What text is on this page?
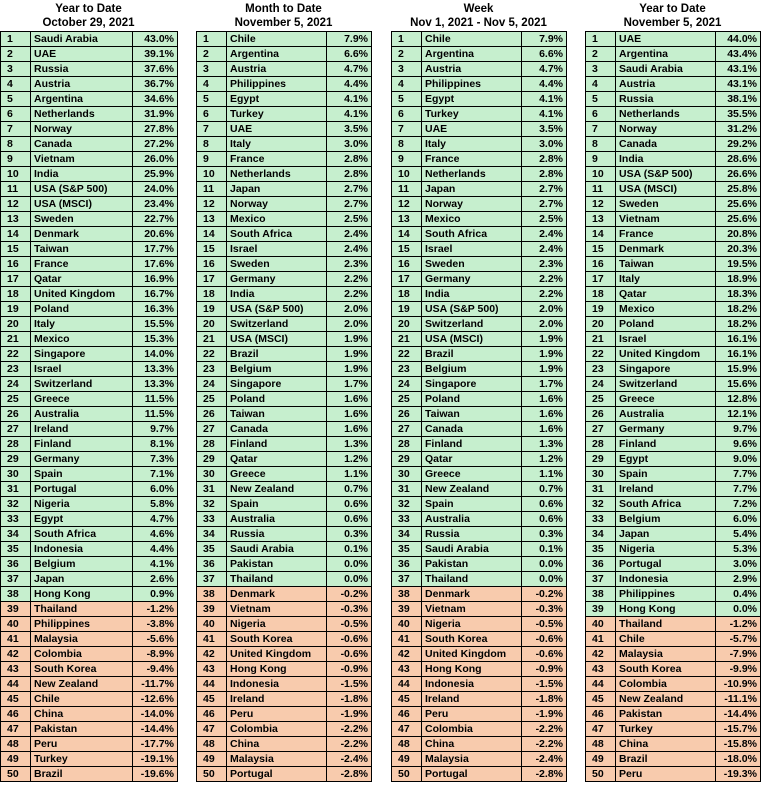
Year to Date
October 29, 2021
1	Saudi Arabia	43.0%
2	UAE	39.1%
3	Russia	37.6%
4	Austria	36.7%
5	Argentina	34.6%
6	Netherlands	31.9%
7	Norway	27.8%
8	Canada	27.2%
9	Vietnam	26.0%
10	India	25.9%
11	USA (S&P 500)	24.0%
12	USA (MSCI)	23.4%
13	Sweden	22.7%
14	Denmark	20.6%
15	Taiwan	17.7%
16	France	17.6%
17	Qatar	16.9%
18	United Kingdom	16.7%
19	Poland	16.3%
20	Italy	15.5%
21	Mexico	15.3%
22	Singapore	14.0%
23	Israel	13.3%
24	Switzerland	13.3%
25	Greece	11.5%
26	Australia	11.5%
27	Ireland	9.7%
28	Finland	8.1%
29	Germany	7.3%
30	Spain	7.1%
31	Portugal	6.0%
32	Nigeria	5.8%
33	Egypt	4.7%
34	South Africa	4.6%
35	Indonesia	4.4%
36	Belgium	4.1%
37	Japan	2.6%
38	Hong Kong	0.9%
39	Thailand	-1.2%
40	Philippines	-3.8%
41	Malaysia	-5.6%
42	Colombia	-8.9%
43	South Korea	-9.4%
44	New Zealand	-11.7%
45	Chile	-12.6%
46	China	-14.0%
47	Pakistan	-14.4%
48	Peru	-17.7%
49	Turkey	-19.1%
50	Brazil	-19.6%
Month to Date
November 5, 2021
1	Chile	7.9%
2	Argentina	6.6%
3	Austria	4.7%
4	Philippines	4.4%
5	Egypt	4.1%
6	Turkey	4.1%
7	UAE	3.5%
8	Italy	3.0%
9	France	2.8%
10	Netherlands	2.8%
11	Japan	2.7%
12	Norway	2.7%
13	Mexico	2.5%
14	South Africa	2.4%
15	Israel	2.4%
16	Sweden	2.3%
17	Germany	2.2%
18	India	2.2%
19	USA (S&P 500)	2.0%
20	Switzerland	2.0%
21	USA (MSCI)	1.9%
22	Brazil	1.9%
23	Belgium	1.9%
24	Singapore	1.7%
25	Poland	1.6%
26	Taiwan	1.6%
27	Canada	1.6%
28	Finland	1.3%
29	Qatar	1.2%
30	Greece	1.1%
31	New Zealand	0.7%
32	Spain	0.6%
33	Australia	0.6%
34	Russia	0.3%
35	Saudi Arabia	0.1%
36	Pakistan	0.0%
37	Thailand	0.0%
38	Denmark	-0.2%
39	Vietnam	-0.3%
40	Nigeria	-0.5%
41	South Korea	-0.6%
42	United Kingdom	-0.6%
43	Hong Kong	-0.9%
44	Indonesia	-1.5%
45	Ireland	-1.8%
46	Peru	-1.9%
47	Colombia	-2.2%
48	China	-2.2%
49	Malaysia	-2.4%
50	Portugal	-2.8%
Week
Nov 1, 2021 - Nov 5, 2021
1	Chile	7.9%
2	Argentina	6.6%
3	Austria	4.7%
4	Philippines	4.4%
5	Egypt	4.1%
6	Turkey	4.1%
7	UAE	3.5%
8	Italy	3.0%
9	France	2.8%
10	Netherlands	2.8%
11	Japan	2.7%
12	Norway	2.7%
13	Mexico	2.5%
14	South Africa	2.4%
15	Israel	2.4%
16	Sweden	2.3%
17	Germany	2.2%
18	India	2.2%
19	USA (S&P 500)	2.0%
20	Switzerland	2.0%
21	USA (MSCI)	1.9%
22	Brazil	1.9%
23	Belgium	1.9%
24	Singapore	1.7%
25	Poland	1.6%
26	Taiwan	1.6%
27	Canada	1.6%
28	Finland	1.3%
29	Qatar	1.2%
30	Greece	1.1%
31	New Zealand	0.7%
32	Spain	0.6%
33	Australia	0.6%
34	Russia	0.3%
35	Saudi Arabia	0.1%
36	Pakistan	0.0%
37	Thailand	0.0%
38	Denmark	-0.2%
39	Vietnam	-0.3%
40	Nigeria	-0.5%
41	South Korea	-0.6%
42	United Kingdom	-0.6%
43	Hong Kong	-0.9%
44	Indonesia	-1.5%
45	Ireland	-1.8%
46	Peru	-1.9%
47	Colombia	-2.2%
48	China	-2.2%
49	Malaysia	-2.4%
50	Portugal	-2.8%
Year to Date
November 5, 2021
1	UAE	44.0%
2	Argentina	43.4%
3	Saudi Arabia	43.1%
4	Austria	43.1%
5	Russia	38.1%
6	Netherlands	35.5%
7	Norway	31.2%
8	Canada	29.2%
9	India	28.6%
10	USA (S&P 500)	26.6%
11	USA (MSCI)	25.8%
12	Sweden	25.6%
13	Vietnam	25.6%
14	France	20.8%
15	Denmark	20.3%
16	Taiwan	19.5%
17	Italy	18.9%
18	Qatar	18.3%
19	Mexico	18.2%
20	Poland	18.2%
21	Israel	16.1%
22	United Kingdom	16.1%
23	Singapore	15.9%
24	Switzerland	15.6%
25	Greece	12.8%
26	Australia	12.1%
27	Germany	9.7%
28	Finland	9.6%
29	Egypt	9.0%
30	Spain	7.7%
31	Ireland	7.7%
32	South Africa	7.2%
33	Belgium	6.0%
34	Japan	5.4%
35	Nigeria	5.3%
36	Portugal	3.0%
37	Indonesia	2.9%
38	Philippines	0.4%
39	Hong Kong	0.0%
40	Thailand	-1.2%
41	Chile	-5.7%
42	Malaysia	-7.9%
43	South Korea	-9.9%
44	Colombia	-10.9%
45	New Zealand	-11.1%
46	Pakistan	-14.4%
47	Turkey	-15.7%
48	China	-15.8%
49	Brazil	-18.0%
50	Peru	-19.3%
